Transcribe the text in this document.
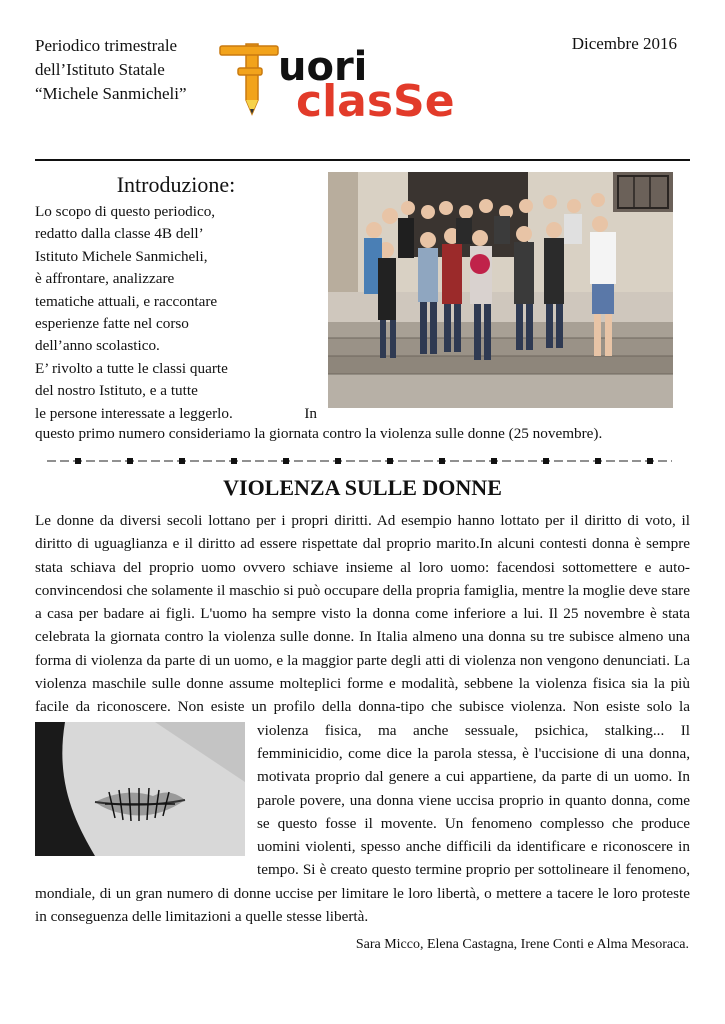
Periodico trimestrale
dell’Istituto Statale
“Michele Sanmicheli”
Dicembre 2016
uori
clasSe
Introduzione:
Lo scopo di questo periodico,
redatto dalla classe 4B dell’
Istituto Michele Sanmicheli,
è affrontare, analizzare
tematiche attuali, e raccontare
esperienze fatte nel corso
dell’anno scolastico.
E’ rivolto a tutte le classi quarte
del nostro Istituto, e a tutte
le persone interessate a leggerlo.	In
questo primo numero consideriamo la giornata contro la violenza sulle donne (25 novembre).
VIOLENZA SULLE DONNE
Le donne da diversi secoli lottano per i propri diritti. Ad esempio hanno lottato per il diritto di voto, il diritto di uguaglianza e il diritto ad essere rispettate dal proprio marito.In alcuni contesti donna è sempre stata schiava del proprio uomo ovvero schiave insieme al loro uomo: facendosi sottomettere e auto-convincendosi che solamente il maschio si può occupare della propria famiglia, mentre la moglie deve stare a casa per badare ai figli. L'uomo ha sempre visto la donna come inferiore a lui. Il 25 novembre è stata celebrata la giornata contro la violenza sulle donne. In Italia almeno una donna su tre subisce almeno una forma di violenza da parte di un uomo, e la maggior parte degli atti di violenza non vengono denunciati. La violenza maschile sulle donne assume molteplici forme e modalità, sebbene la violenza fisica sia la più facile da riconoscere. Non esiste un profilo della donna-tipo che subisce violenza. Non esiste solo la violenza fisica, ma anche sessuale, psichica, stalking... Il femminicidio, come dice la parola stessa, è l'uccisione di una donna, motivata proprio dal genere a cui appartiene, da parte di un uomo. In parole povere, una donna viene uccisa proprio in quanto donna, come se questo fosse il movente. Un fenomeno complesso che produce uomini violenti, spesso anche difficili da identificare e riconoscere in tempo. Si è creato questo termine proprio per sottolineare il fenomeno, mondiale, di un gran numero di donne uccise per limitare le loro libertà, o mettere a tacere le loro proteste in conseguenza delle limitazioni a quelle stesse libertà.
Sara Micco, Elena Castagna, Irene Conti e Alma Mesoraca.
